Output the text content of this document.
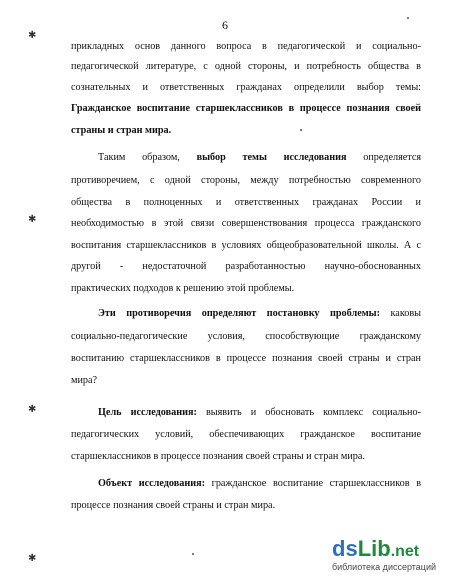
6
прикладных основ данного вопроса в педагогической и социально-
педагогической литературе, с одной стороны, и потребность общества в
сознательных и ответственных гражданах определили выбор темы:
Гражданское воспитание старшеклассников в процессе познания своей
страны и стран мира.
Таким образом, выбор темы исследования определяется
противоречием, с одной стороны, между потребностью современного
общества в полноценных и ответственных гражданах России и
необходимостью в этой связи совершенствования процесса гражданского
воспитания старшеклассников в условиях общеобразовательной школы. А с
другой - недостаточной разработанностью научно-обоснованных
практических подходов к решению этой проблемы.
Эти противоречия определяют постановку проблемы: каковы
социально-педагогические условия, способствующие гражданскому
воспитанию старшеклассников в процессе познания своей страны и стран
мира?
Цель исследования: выявить и обосновать комплекс социально-
педагогических условий, обеспечивающих гражданское воспитание
старшеклассников в процессе познания своей страны и стран мира.
Объект исследования: гражданское воспитание старшеклассников в
процессе познания своей страны и стран мира.
✱
✱
✱
✱	dsLib.net
библиотека диссертаций
